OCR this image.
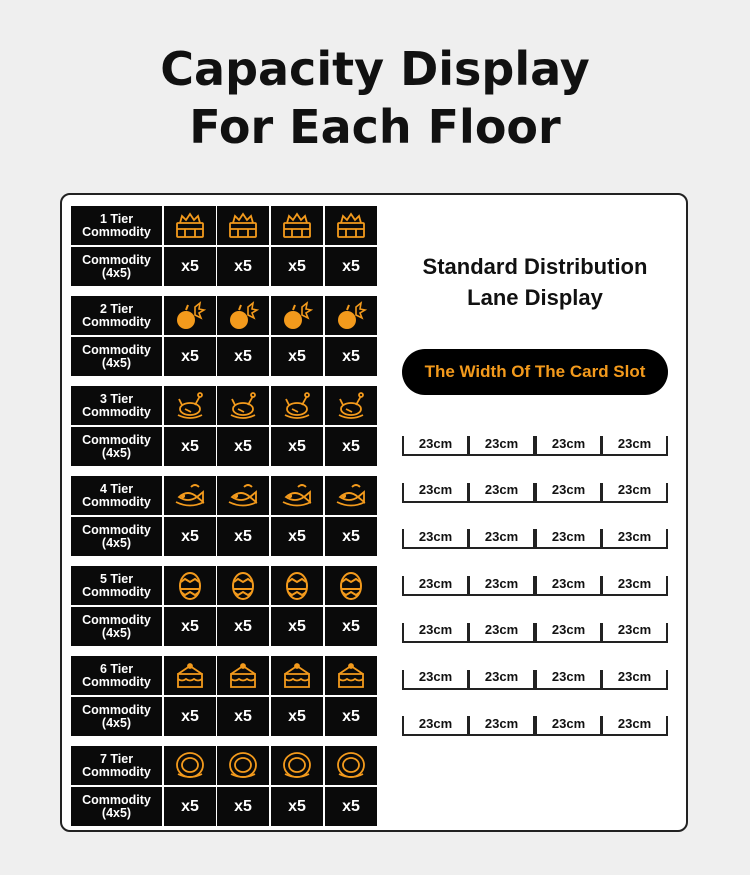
Capacity Display
For Each Floor
1 Tier
Commodity
Commodity
(4x5)	x5	x5	x5	x5
2 Tier
Commodity
Commodity
(4x5)	x5	x5	x5	x5
3 Tier
Commodity
Commodity
(4x5)	x5	x5	x5	x5
4 Tier
Commodity
Commodity
(4x5)	x5	x5	x5	x5
5 Tier
Commodity
Commodity
(4x5)	x5	x5	x5	x5
6 Tier
Commodity
Commodity
(4x5)	x5	x5	x5	x5
7 Tier
Commodity
Commodity
(4x5)	x5	x5	x5	x5
Standard Distribution
Lane Display
The Width Of The Card Slot
23cm	23cm	23cm	23cm
23cm	23cm	23cm	23cm
23cm	23cm	23cm	23cm
23cm	23cm	23cm	23cm
23cm	23cm	23cm	23cm
23cm	23cm	23cm	23cm
23cm	23cm	23cm	23cm
